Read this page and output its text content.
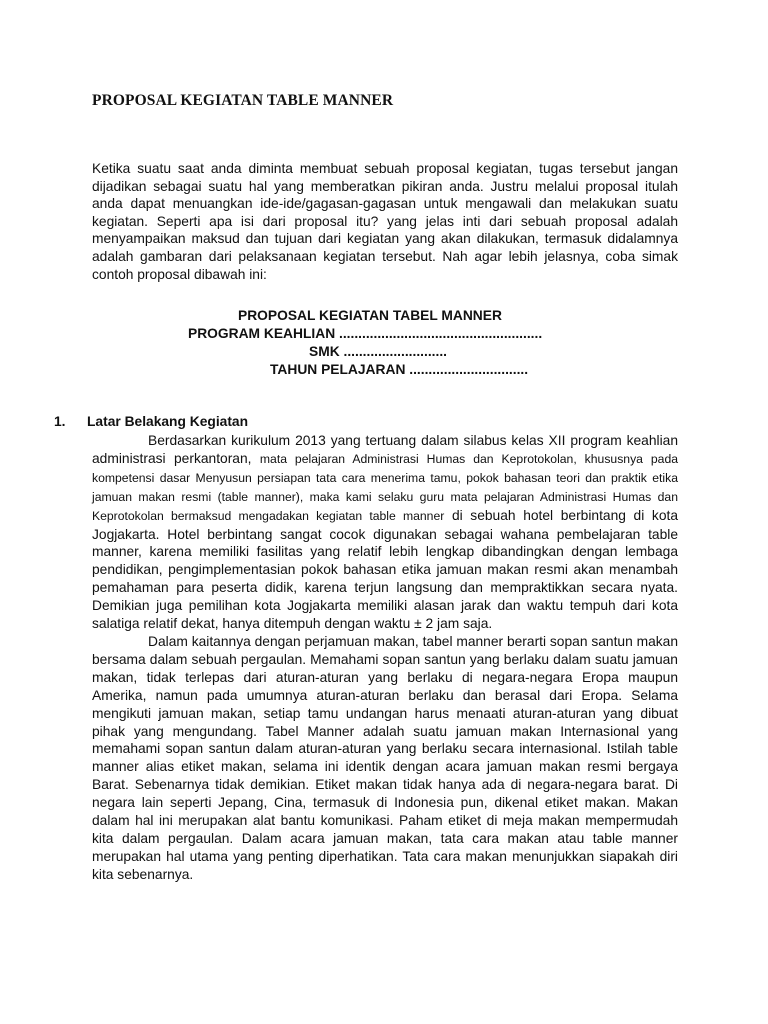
PROPOSAL KEGIATAN TABLE MANNER

Ketika suatu saat anda diminta membuat sebuah proposal kegiatan, tugas tersebut jangan dijadikan sebagai suatu hal yang memberatkan pikiran anda. Justru melalui proposal itulah anda dapat menuangkan ide-ide/gagasan-gagasan untuk mengawali dan melakukan suatu kegiatan. Seperti apa isi dari proposal itu? yang jelas inti dari sebuah proposal adalah menyampaikan maksud dan tujuan dari kegiatan yang akan dilakukan, termasuk didalamnya adalah gambaran dari pelaksanaan kegiatan tersebut. Nah agar lebih jelasnya, coba simak contoh proposal dibawah ini:

PROPOSAL KEGIATAN TABEL MANNER
PROGRAM KEAHLIAN .....................................................
SMK ...........................
TAHUN PELAJARAN ...............................
1. Latar Belakang Kegiatan

Berdasarkan kurikulum 2013 yang tertuang dalam silabus kelas XII program keahlian administrasi perkantoran, mata pelajaran Administrasi Humas dan Keprotokolan, khususnya pada kompetensi dasar Menyusun persiapan tata cara menerima tamu, pokok bahasan teori dan praktik etika jamuan makan resmi (table manner), maka kami selaku guru mata pelajaran Administrasi Humas dan Keprotokolan bermaksud mengadakan kegiatan table manner di sebuah hotel berbintang di kota Jogjakarta. Hotel berbintang sangat cocok digunakan sebagai wahana pembelajaran table manner, karena memiliki fasilitas yang relatif lebih lengkap dibandingkan dengan lembaga pendidikan, pengimplementasian pokok bahasan etika jamuan makan resmi akan menambah pemahaman para peserta didik, karena terjun langsung dan mempraktikkan secara nyata. Demikian juga pemilihan kota Jogjakarta memiliki alasan jarak dan waktu tempuh dari kota salatiga relatif dekat, hanya ditempuh dengan waktu ± 2 jam saja.

Dalam kaitannya dengan perjamuan makan, tabel manner berarti sopan santun makan bersama dalam sebuah pergaulan. Memahami sopan santun yang berlaku dalam suatu jamuan makan, tidak terlepas dari aturan-aturan yang berlaku di negara-negara Eropa maupun Amerika, namun pada umumnya aturan-aturan berlaku dan berasal dari Eropa. Selama mengikuti jamuan makan, setiap tamu undangan harus menaati aturan-aturan yang dibuat pihak yang mengundang. Tabel Manner adalah suatu jamuan makan Internasional yang memahami sopan santun dalam aturan-aturan yang berlaku secara internasional. Istilah table manner alias etiket makan, selama ini identik dengan acara jamuan makan resmi bergaya Barat. Sebenarnya tidak demikian. Etiket makan tidak hanya ada di negara-negara barat. Di negara lain seperti Jepang, Cina, termasuk di Indonesia pun, dikenal etiket makan. Makan dalam hal ini merupakan alat bantu komunikasi. Paham etiket di meja makan mempermudah kita dalam pergaulan. Dalam acara jamuan makan, tata cara makan atau table manner merupakan hal utama yang penting diperhatikan. Tata cara makan menunjukkan siapakah diri kita sebenarnya.
